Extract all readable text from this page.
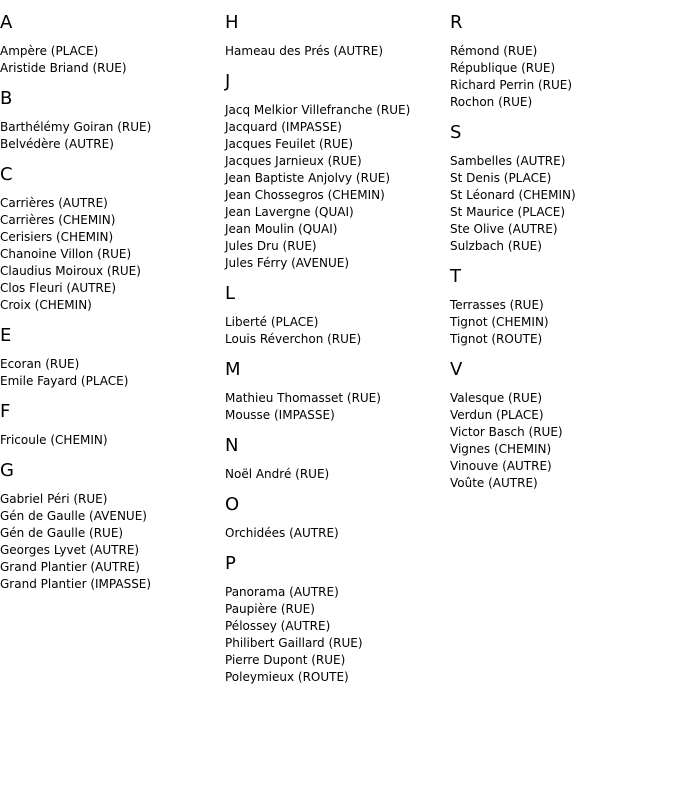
A
Ampère (PLACE)
Aristide Briand (RUE)
B
Barthélémy Goiran (RUE)
Belvédère (AUTRE)
C
Carrières (AUTRE)
Carrières (CHEMIN)
Cerisiers (CHEMIN)
Chanoine Villon (RUE)
Claudius Moiroux (RUE)
Clos Fleuri (AUTRE)
Croix (CHEMIN)
E
Ecoran (RUE)
Emile Fayard (PLACE)
F
Fricoule (CHEMIN)
G
Gabriel Péri (RUE)
Gén de Gaulle (AVENUE)
Gén de Gaulle (RUE)
Georges Lyvet (AUTRE)
Grand Plantier (AUTRE)
Grand Plantier (IMPASSE)
H
Hameau des Prés (AUTRE)
J
Jacq Melkior Villefranche (RUE)
Jacquard (IMPASSE)
Jacques Feuilet (RUE)
Jacques Jarnieux (RUE)
Jean Baptiste Anjolvy (RUE)
Jean Chossegros (CHEMIN)
Jean Lavergne (QUAI)
Jean Moulin (QUAI)
Jules Dru (RUE)
Jules Férry (AVENUE)
L
Liberté (PLACE)
Louis Réverchon (RUE)
M
Mathieu Thomasset (RUE)
Mousse (IMPASSE)
N
Noël André (RUE)
O
Orchidées (AUTRE)
P
Panorama (AUTRE)
Paupière (RUE)
Pélossey (AUTRE)
Philibert Gaillard (RUE)
Pierre Dupont (RUE)
Poleymieux (ROUTE)
R
Rémond (RUE)
République (RUE)
Richard Perrin (RUE)
Rochon (RUE)
S
Sambelles (AUTRE)
St Denis (PLACE)
St Léonard (CHEMIN)
St Maurice (PLACE)
Ste Olive (AUTRE)
Sulzbach (RUE)
T
Terrasses (RUE)
Tignot (CHEMIN)
Tignot (ROUTE)
V
Valesque (RUE)
Verdun (PLACE)
Victor Basch (RUE)
Vignes (CHEMIN)
Vinouve (AUTRE)
Voûte (AUTRE)
